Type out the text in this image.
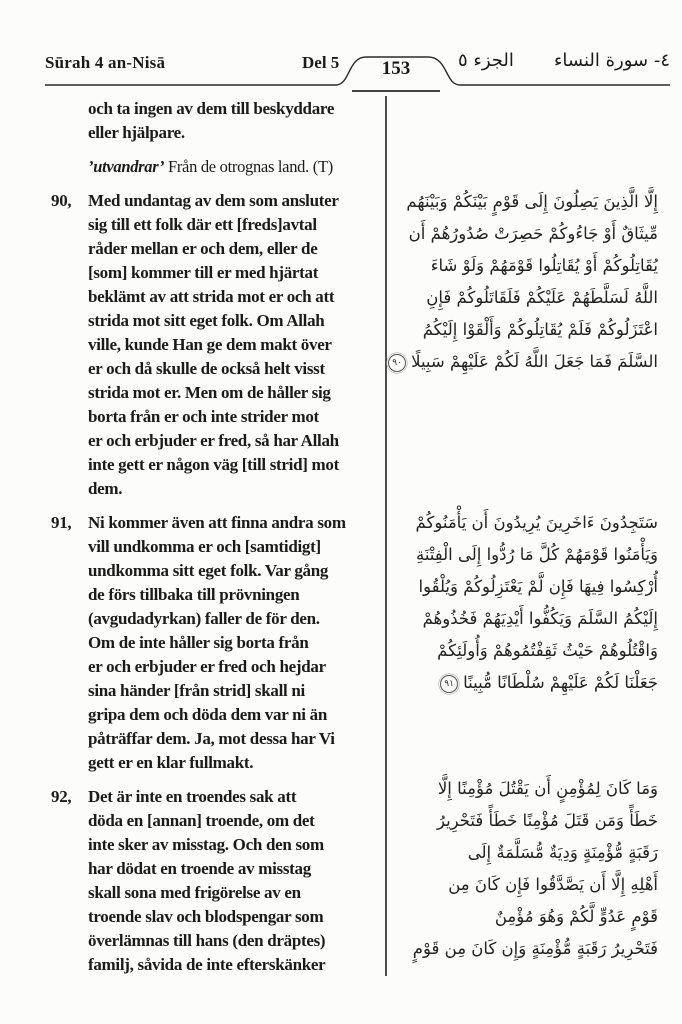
Sūrah 4 an-Nisā	Del 5	153	الجزء ٥	٤- سورة النساء
och ta ingen av dem till beskyddare
eller hjälpare.
’utvandrar’ Från de otrognas land. (T)
90, Med undantag av dem som ansluter
sig till ett folk där ett [freds]avtal
råder mellan er och dem, eller de
[som] kommer till er med hjärtat
beklämt av att strida mot er och att
strida mot sitt eget folk. Om Allah
ville, kunde Han ge dem makt över
er och då skulle de också helt visst
strida mot er. Men om de håller sig
borta från er och inte strider mot
er och erbjuder er fred, så har Allah
inte gett er någon väg [till strid] mot
dem.
91, Ni kommer även att finna andra som
vill undkomma er och [samtidigt]
undkomma sitt eget folk. Var gång
de förs tillbaka till prövningen
(avgudadyrkan) faller de för den.
Om de inte håller sig borta från
er och erbjuder er fred och hejdar
sina händer [från strid] skall ni
gripa dem och döda dem var ni än
påträffar dem. Ja, mot dessa har Vi
gett er en klar fullmakt.
92, Det är inte en troendes sak att
döda en [annan] troende, om det
inte sker av misstag. Och den som
har dödat en troende av misstag
skall sona med frigörelse av en
troende slav och blodspengar som
överlämnas till hans (den dräptes)
familj, såvida de inte efterskänker
إِلَّا الَّذِينَ يَصِلُونَ إِلَى قَوْمٍ بَيْنَكُمْ وَبَيْنَهُم
مِّيثَاقٌ أَوْ جَاءُوكُمْ حَصِرَتْ صُدُورُهُمْ أَن
يُقَاتِلُوكُمْ أَوْ يُقَاتِلُوا قَوْمَهُمْ وَلَوْ شَاءَ
اللَّهُ لَسَلَّطَهُمْ عَلَيْكُمْ فَلَقَاتَلُوكُمْ فَإِنِ
اعْتَزَلُوكُمْ فَلَمْ يُقَاتِلُوكُمْ وَأَلْقَوْا إِلَيْكُمُ
السَّلَمَ فَمَا جَعَلَ اللَّهُ لَكُمْ عَلَيْهِمْ سَبِيلًا٩٠
سَتَجِدُونَ ءَاخَرِينَ يُرِيدُونَ أَن يَأْمَنُوكُمْ
وَيَأْمَنُوا قَوْمَهُمْ كُلَّ مَا رُدُّوا إِلَى الْفِتْنَةِ
أُرْكِسُوا فِيهَا فَإِن لَّمْ يَعْتَزِلُوكُمْ وَيُلْقُوا
إِلَيْكُمُ السَّلَمَ وَيَكُفُّوا أَيْدِيَهُمْ فَخُذُوهُمْ
وَاقْتُلُوهُمْ حَيْثُ ثَقِفْتُمُوهُمْ وَأُولَئِكُمْ
جَعَلْنَا لَكُمْ عَلَيْهِمْ سُلْطَانًا مُّبِينًا٩١
وَمَا كَانَ لِمُؤْمِنٍ أَن يَقْتُلَ مُؤْمِنًا إِلَّا
خَطَأً وَمَن قَتَلَ مُؤْمِنًا خَطَأً فَتَحْرِيرُ
رَقَبَةٍ مُّؤْمِنَةٍ وَدِيَةٌ مُّسَلَّمَةٌ إِلَى
أَهْلِهِ إِلَّا أَن يَصَّدَّقُوا فَإِن كَانَ مِن
قَوْمٍ عَدُوٍّ لَّكُمْ وَهُوَ مُؤْمِنٌ
فَتَحْرِيرُ رَقَبَةٍ مُّؤْمِنَةٍ وَإِن كَانَ مِن قَوْمٍ
